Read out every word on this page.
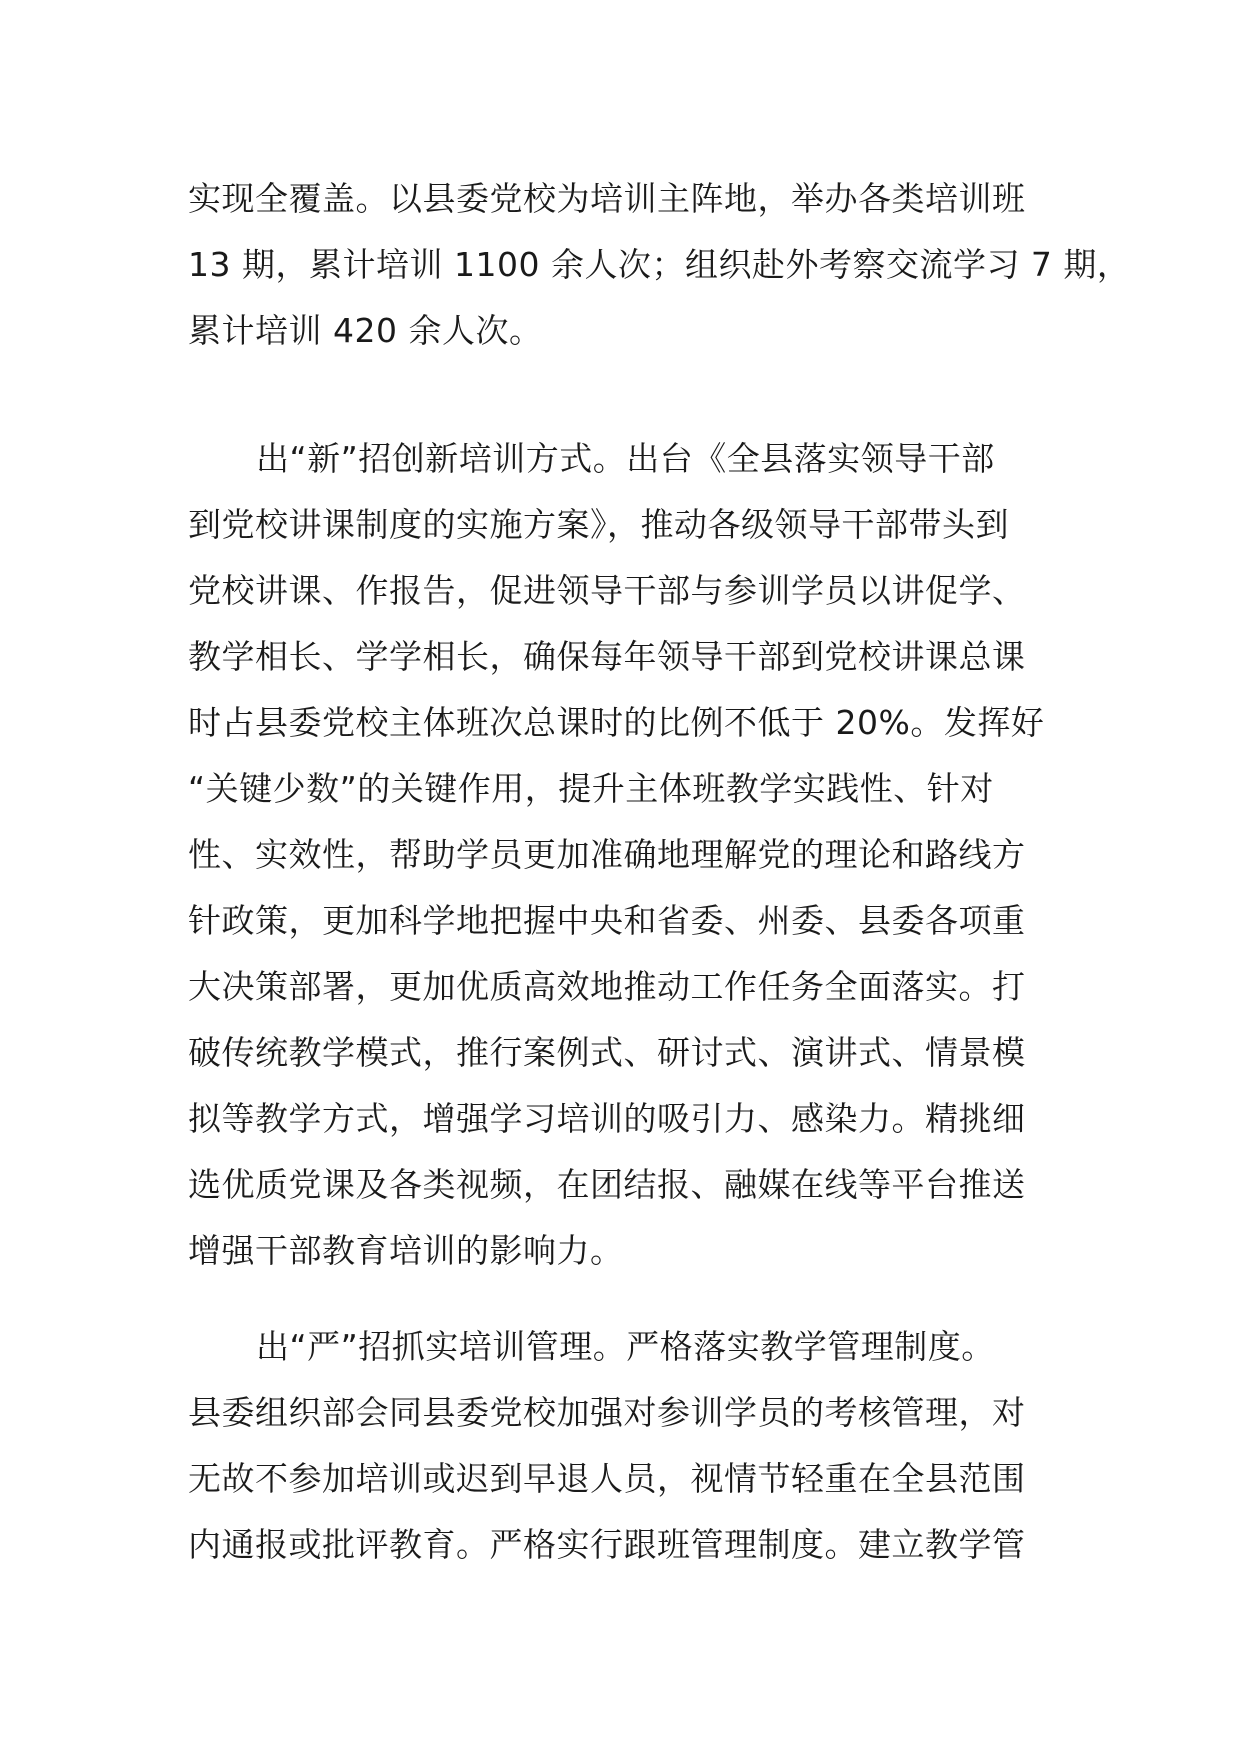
实现全覆盖。以县委党校为培训主阵地，举办各类培训班
13 期，累计培训 1100 余人次；组织赴外考察交流学习 7 期，
累计培训 420 余人次。
出“新”招创新培训方式。出台《全县落实领导干部
到党校讲课制度的实施方案》，推动各级领导干部带头到
党校讲课、作报告，促进领导干部与参训学员以讲促学、
教学相长、学学相长，确保每年领导干部到党校讲课总课
时占县委党校主体班次总课时的比例不低于 20%。发挥好
“关键少数”的关键作用，提升主体班教学实践性、针对
性、实效性，帮助学员更加准确地理解党的理论和路线方
针政策，更加科学地把握中央和省委、州委、县委各项重
大决策部署，更加优质高效地推动工作任务全面落实。打
破传统教学模式，推行案例式、研讨式、演讲式、情景模
拟等教学方式，增强学习培训的吸引力、感染力。精挑细
选优质党课及各类视频，在团结报、融媒在线等平台推送
增强干部教育培训的影响力。
出“严”招抓实培训管理。严格落实教学管理制度。
县委组织部会同县委党校加强对参训学员的考核管理，对
无故不参加培训或迟到早退人员，视情节轻重在全县范围
内通报或批评教育。严格实行跟班管理制度。建立教学管
